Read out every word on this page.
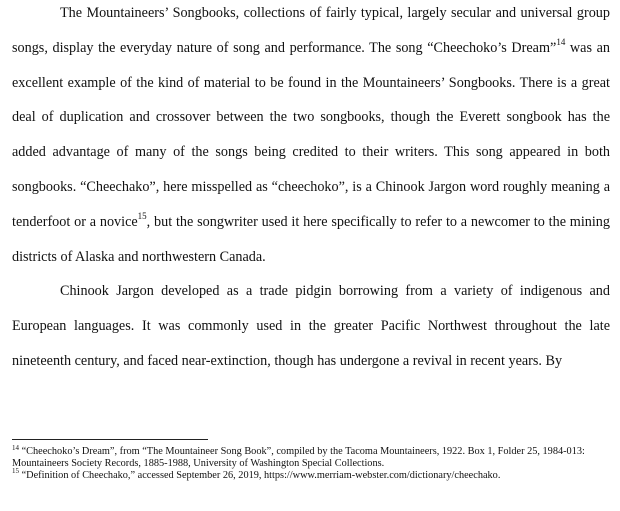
The Mountaineers’ Songbooks, collections of fairly typical, largely secular and universal group songs, display the everyday nature of song and performance. The song “Cheechoko’s Dream”$^{14}$ was an excellent example of the kind of material to be found in the Mountaineers’ Songbooks. There is a great deal of duplication and crossover between the two songbooks, though the Everett songbook has the added advantage of many of the songs being credited to their writers. This song appeared in both songbooks. “Cheechako”, here misspelled as “cheechoko”, is a Chinook Jargon word roughly meaning a tenderfoot or a novice$^{15}$, but the songwriter used it here specifically to refer to a newcomer to the mining districts of Alaska and northwestern Canada.

Chinook Jargon developed as a trade pidgin borrowing from a variety of indigenous and European languages. It was commonly used in the greater Pacific Northwest throughout the late nineteenth century, and faced near-extinction, though has undergone a revival in recent years. By

$^{14}$ “Cheechoko’s Dream”, from “The Mountaineer Song Book”, compiled by the Tacoma Mountaineers, 1922. Box 1, Folder 25, 1984-013: Mountaineers Society Records, 1885-1988, University of Washington Special Collections.

$^{15}$ “Definition of Cheechako,” accessed September 26, 2019, https://www.merriam-webster.com/dictionary/cheechako.
